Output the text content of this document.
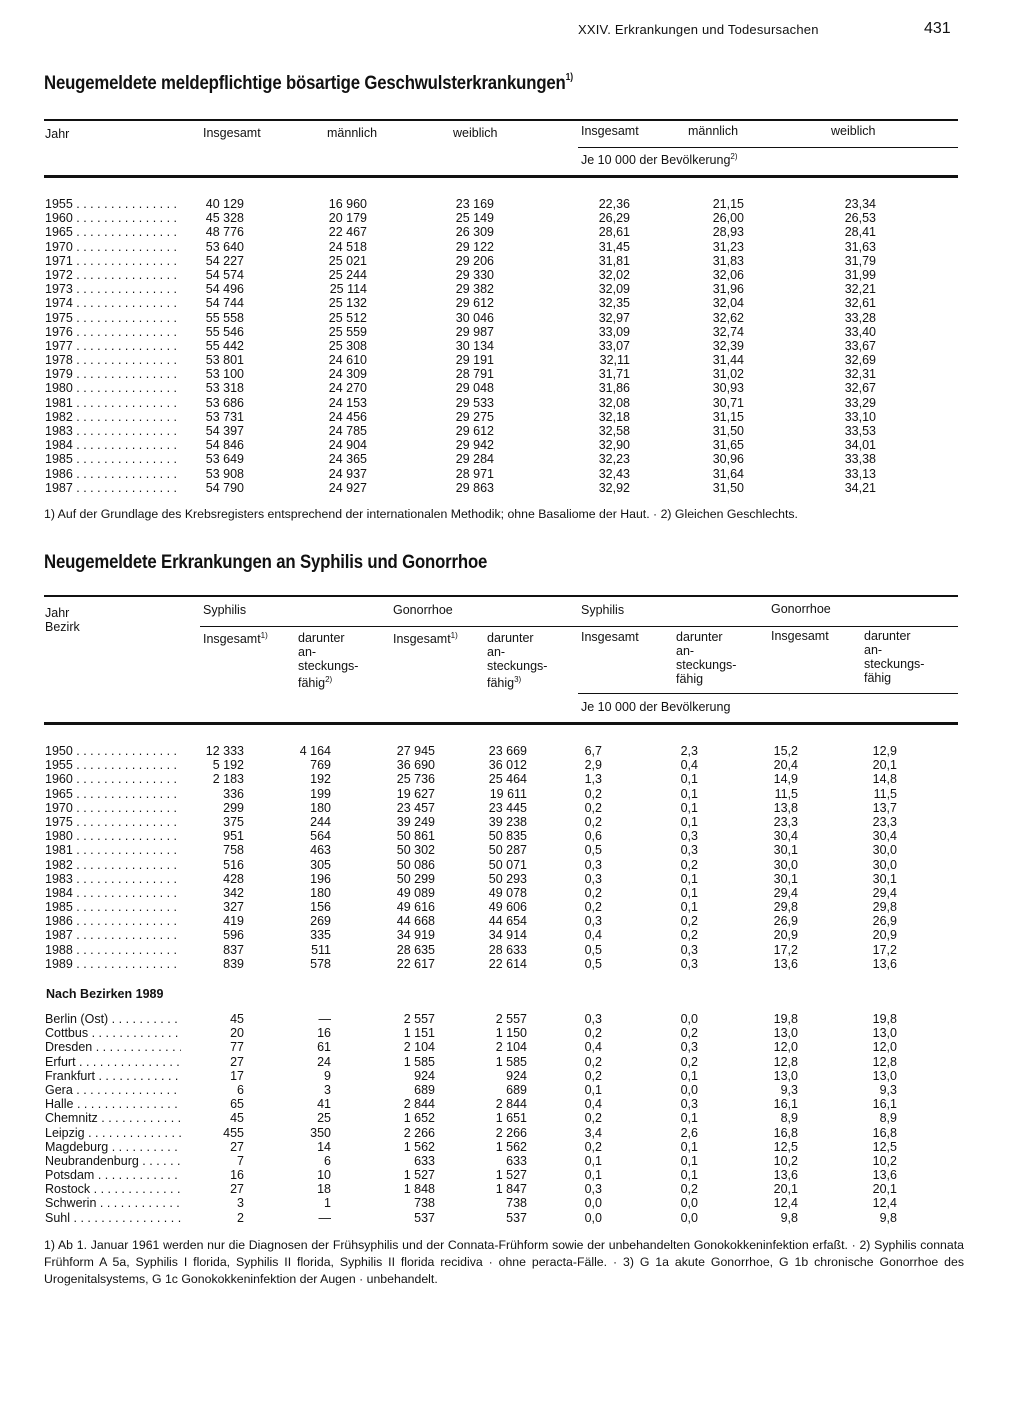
XXIV. Erkrankungen und Todesursachen	431
Neugemeldete meldepflichtige bösartige Geschwulsterkrankungen$^{1)}$
Jahr	Insgesamt	männlich	weiblich	Insgesamt	männlich	weiblich
Je 10 000 der Bevölkerung$^{2)}$
1955 . . .	40 129	16 960	23 169	22,36	21,15	23,34
1960 . . .	45 328	20 179	25 149	26,29	26,00	26,53
1965 . . .	48 776	22 467	26 309	28,61	28,93	28,41
1970 . . .	53 640	24 518	29 122	31,45	31,23	31,63
1971 . . .	54 227	25 021	29 206	31,81	31,83	31,79
1972 . . .	54 574	25 244	29 330	32,02	32,06	31,99
1973 . . .	54 496	25 114	29 382	32,09	31,96	32,21
1974 . . .	54 744	25 132	29 612	32,35	32,04	32,61
1975 . . .	55 558	25 512	30 046	32,97	32,62	33,28
1976 . . .	55 546	25 559	29 987	33,09	32,74	33,40
1977 . . .	55 442	25 308	30 134	33,07	32,39	33,67
1978 . . .	53 801	24 610	29 191	32,11	31,44	32,69
1979 . . .	53 100	24 309	28 791	31,71	31,02	32,31
1980 . . .	53 318	24 270	29 048	31,86	30,93	32,67
1981 . . .	53 686	24 153	29 533	32,08	30,71	33,29
1982 . . .	53 731	24 456	29 275	32,18	31,15	33,10
1983 . . .	54 397	24 785	29 612	32,58	31,50	33,53
1984 . . .	54 846	24 904	29 942	32,90	31,65	34,01
1985 . . .	53 649	24 365	29 284	32,23	30,96	33,38
1986 . . .	53 908	24 937	28 971	32,43	31,64	33,13
1987 . . .	54 790	24 927	29 863	32,92	31,50	34,21
1) Auf der Grundlage des Krebsregisters entsprechend der internationalen Methodik; ohne Basaliome der Haut. · 2) Gleichen Geschlechts.
Neugemeldete Erkrankungen an Syphilis und Gonorrhoe
Jahr
Bezirk
Syphilis	Gonorrhoe	Syphilis	Gonorrhoe
Insgesamt$^{1)}$ darunter
an-
steckungs-
fähig$^{2)}$
Insgesamt$^{1)}$ darunter
an-
steckungs-
fähig$^{3)}$
Insgesamt	darunter
an-
steckungs-
fähig
Insgesamt	darunter
an-
steckungs-
fähig
Je 10 000 der Bevölkerung
1950 . . .	12 333	4 164	27 945	23 669	6,7	2,3	15,2	12,9
1955 . . .	5 192	769	36 690	36 012	2,9	0,4	20,4	20,1
1960 . . .	2 183	192	25 736	25 464	1,3	0,1	14,9	14,8
1965 . . .	336	199	19 627	19 611	0,2	0,1	11,5	11,5
1970 . . .	299	180	23 457	23 445	0,2	0,1	13,8	13,7
1975 . . .	375	244	39 249	39 238	0,2	0,1	23,3	23,3
1980 . . .	951	564	50 861	50 835	0,6	0,3	30,4	30,4
1981 . . .	758	463	50 302	50 287	0,5	0,3	30,1	30,0
1982 . . .	516	305	50 086	50 071	0,3	0,2	30,0	30,0
1983 . . .	428	196	50 299	50 293	0,3	0,1	30,1	30,1
1984 . . .	342	180	49 089	49 078	0,2	0,1	29,4	29,4
1985 . . .	327	156	49 616	49 606	0,2	0,1	29,8	29,8
1986 . . .	419	269	44 668	44 654	0,3	0,2	26,9	26,9
1987 . . .	596	335	34 919	34 914	0,4	0,2	20,9	20,9
1988 . . .	837	511	28 635	28 633	0,5	0,3	17,2	17,2
1989 . . .	839	578	22 617	22 614	0,5	0,3	13,6	13,6
Nach Bezirken 1989
Berlin (Ost) . . .	45	—	2 557	2 557	0,3	0,0	19,8	19,8
Cottbus . . .	20	16	1 151	1 150	0,2	0,2	13,0	13,0
Dresden . . .	77	61	2 104	2 104	0,4	0,3	12,0	12,0
Erfurt . . .	27	24	1 585	1 585	0,2	0,2	12,8	12,8
Frankfurt . . .	17	9	924	924	0,2	0,1	13,0	13,0
Gera . . .	6	3	689	689	0,1	0,0	9,3	9,3
Halle . . .	65	41	2 844	2 844	0,4	0,3	16,1	16,1
Chemnitz . . .	45	25	1 652	1 651	0,2	0,1	8,9	8,9
Leipzig . . .	455	350	2 266	2 266	3,4	2,6	16,8	16,8
Magdeburg . . .	27	14	1 562	1 562	0,2	0,1	12,5	12,5
Neubrandenburg . . .	7	6	633	633	0,1	0,1	10,2	10,2
Potsdam . . .	16	10	1 527	1 527	0,1	0,1	13,6	13,6
Rostock . . .	27	18	1 848	1 847	0,3	0,2	20,1	20,1
Schwerin . . .	3	1	738	738	0,0	0,0	12,4	12,4
Suhl . . .	2	—	537	537	0,0	0,0	9,8	9,8
1) Ab 1. Januar 1961 werden nur die Diagnosen der Frühsyphilis und der Connata-Frühform sowie der unbehandelten Gonokokkeninfektion erfaßt. · 2) Syphilis connata Frühform A 5a, Syphilis I florida, Syphilis II florida, Syphilis II florida recidiva · ohne peracta-Fälle. · 3) G 1a akute Gonorrhoe, G 1b chronische Gonorrhoe des Urogenitalsystems, G 1c Gonokokkeninfektion der Augen · unbehandelt.
